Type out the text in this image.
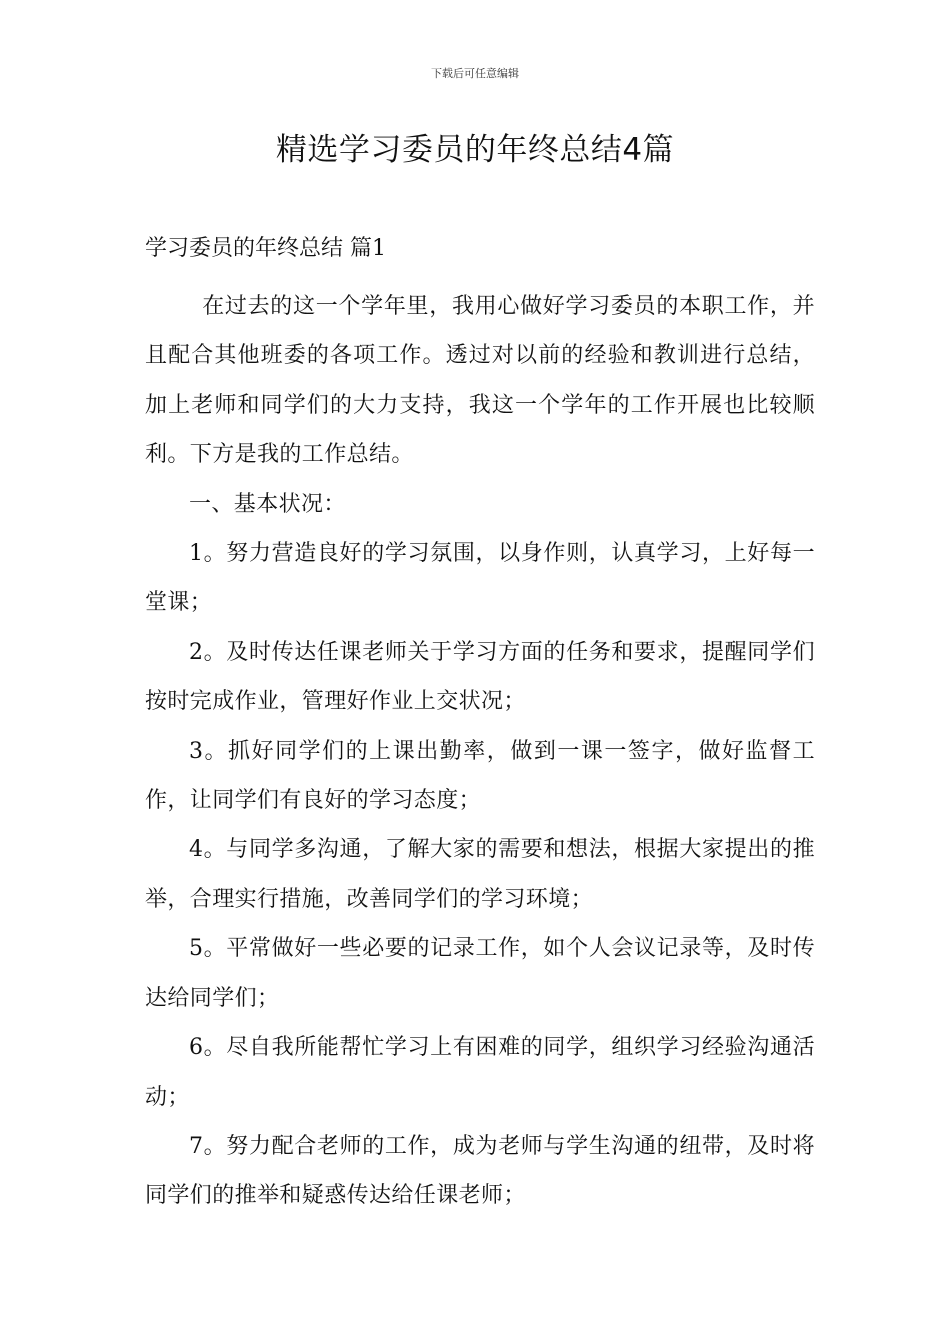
下载后可任意编辑
精选学习委员的年终总结4篇
学习委员的年终总结 篇1

在过去的这一个学年里，我用心做好学习委员的本职工作，并且配合其他班委的各项工作。透过对以前的经验和教训进行总结，加上老师和同学们的大力支持，我这一个学年的工作开展也比较顺利。下方是我的工作总结。

一、基本状况：

1。努力营造良好的学习氛围，以身作则，认真学习，上好每一堂课；

2。及时传达任课老师关于学习方面的任务和要求，提醒同学们按时完成作业，管理好作业上交状况；

3。抓好同学们的上课出勤率，做到一课一签字，做好监督工作，让同学们有良好的学习态度；

4。与同学多沟通，了解大家的需要和想法，根据大家提出的推举，合理实行措施，改善同学们的学习环境；

5。平常做好一些必要的记录工作，如个人会议记录等，及时传达给同学们；

6。尽自我所能帮忙学习上有困难的同学，组织学习经验沟通活动；

7。努力配合老师的工作，成为老师与学生沟通的纽带，及时将同学们的推举和疑惑传达给任课老师；
